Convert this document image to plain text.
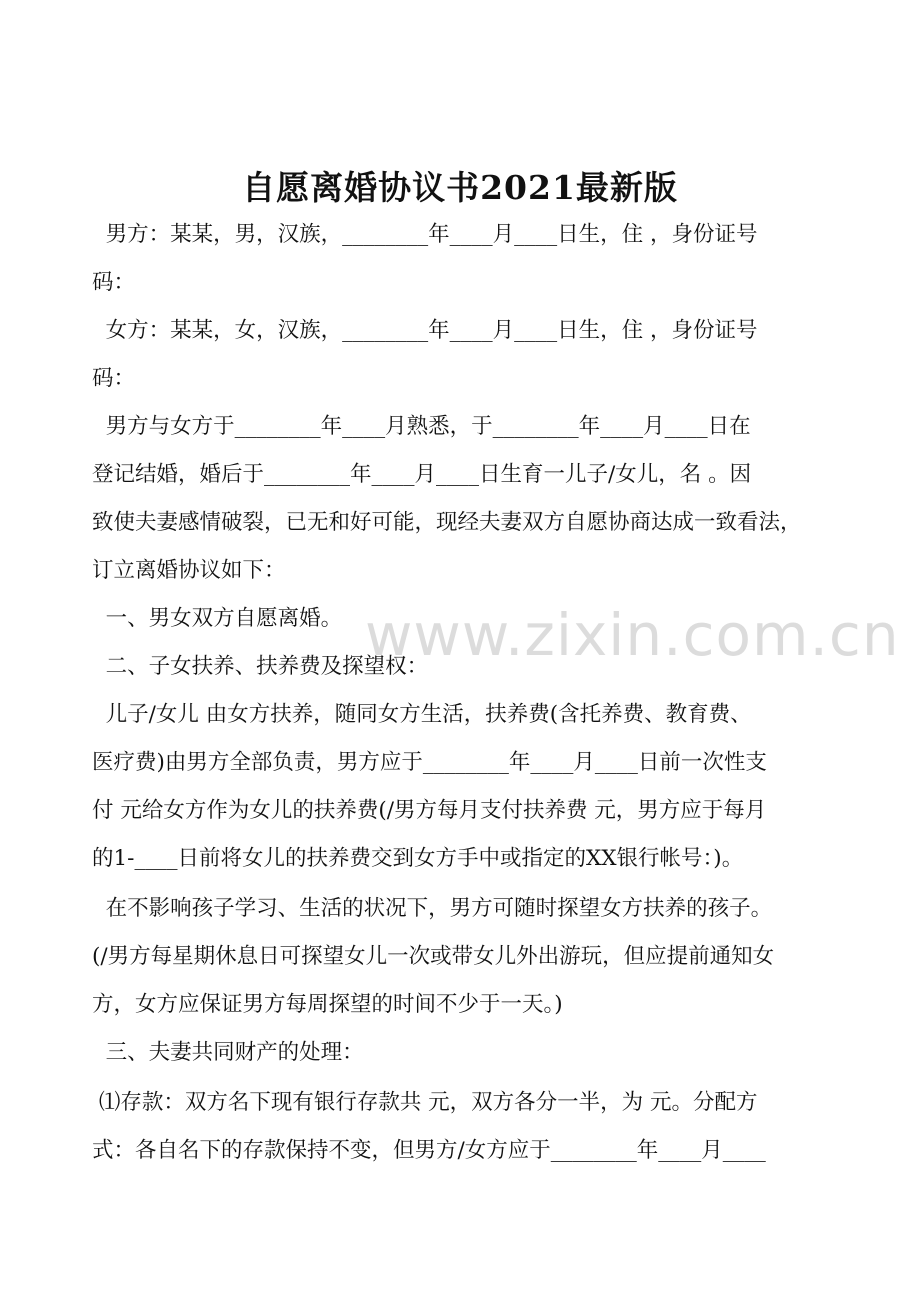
www.zixin.com.cn
自愿离婚协议书2021最新版
男方：某某，男，汉族，________年____月____日生，住 ，身份证号
码：
女方：某某，女，汉族，________年____月____日生，住 ，身份证号
码：
男方与女方于________年____月熟悉，于________年____月____日在
登记结婚，婚后于________年____月____日生育一儿子/女儿，名 。因
致使夫妻感情破裂，已无和好可能，现经夫妻双方自愿协商达成一致看法，
订立离婚协议如下：
一、男女双方自愿离婚。
二、子女扶养、扶养费及探望权：
儿子/女儿 由女方扶养，随同女方生活，扶养费(含托养费、教育费、
医疗费)由男方全部负责，男方应于________年____月____日前一次性支
付 元给女方作为女儿的扶养费(/男方每月支付扶养费 元，男方应于每月
的1-____日前将女儿的扶养费交到女方手中或指定的XX银行帐号：)。
在不影响孩子学习、生活的状况下，男方可随时探望女方扶养的孩子。
(/男方每星期休息日可探望女儿一次或带女儿外出游玩，但应提前通知女
方，女方应保证男方每周探望的时间不少于一天。)
三、夫妻共同财产的处理：
⑴存款：双方名下现有银行存款共 元，双方各分一半，为 元。分配方
式：各自名下的存款保持不变，但男方/女方应于________年____月____
